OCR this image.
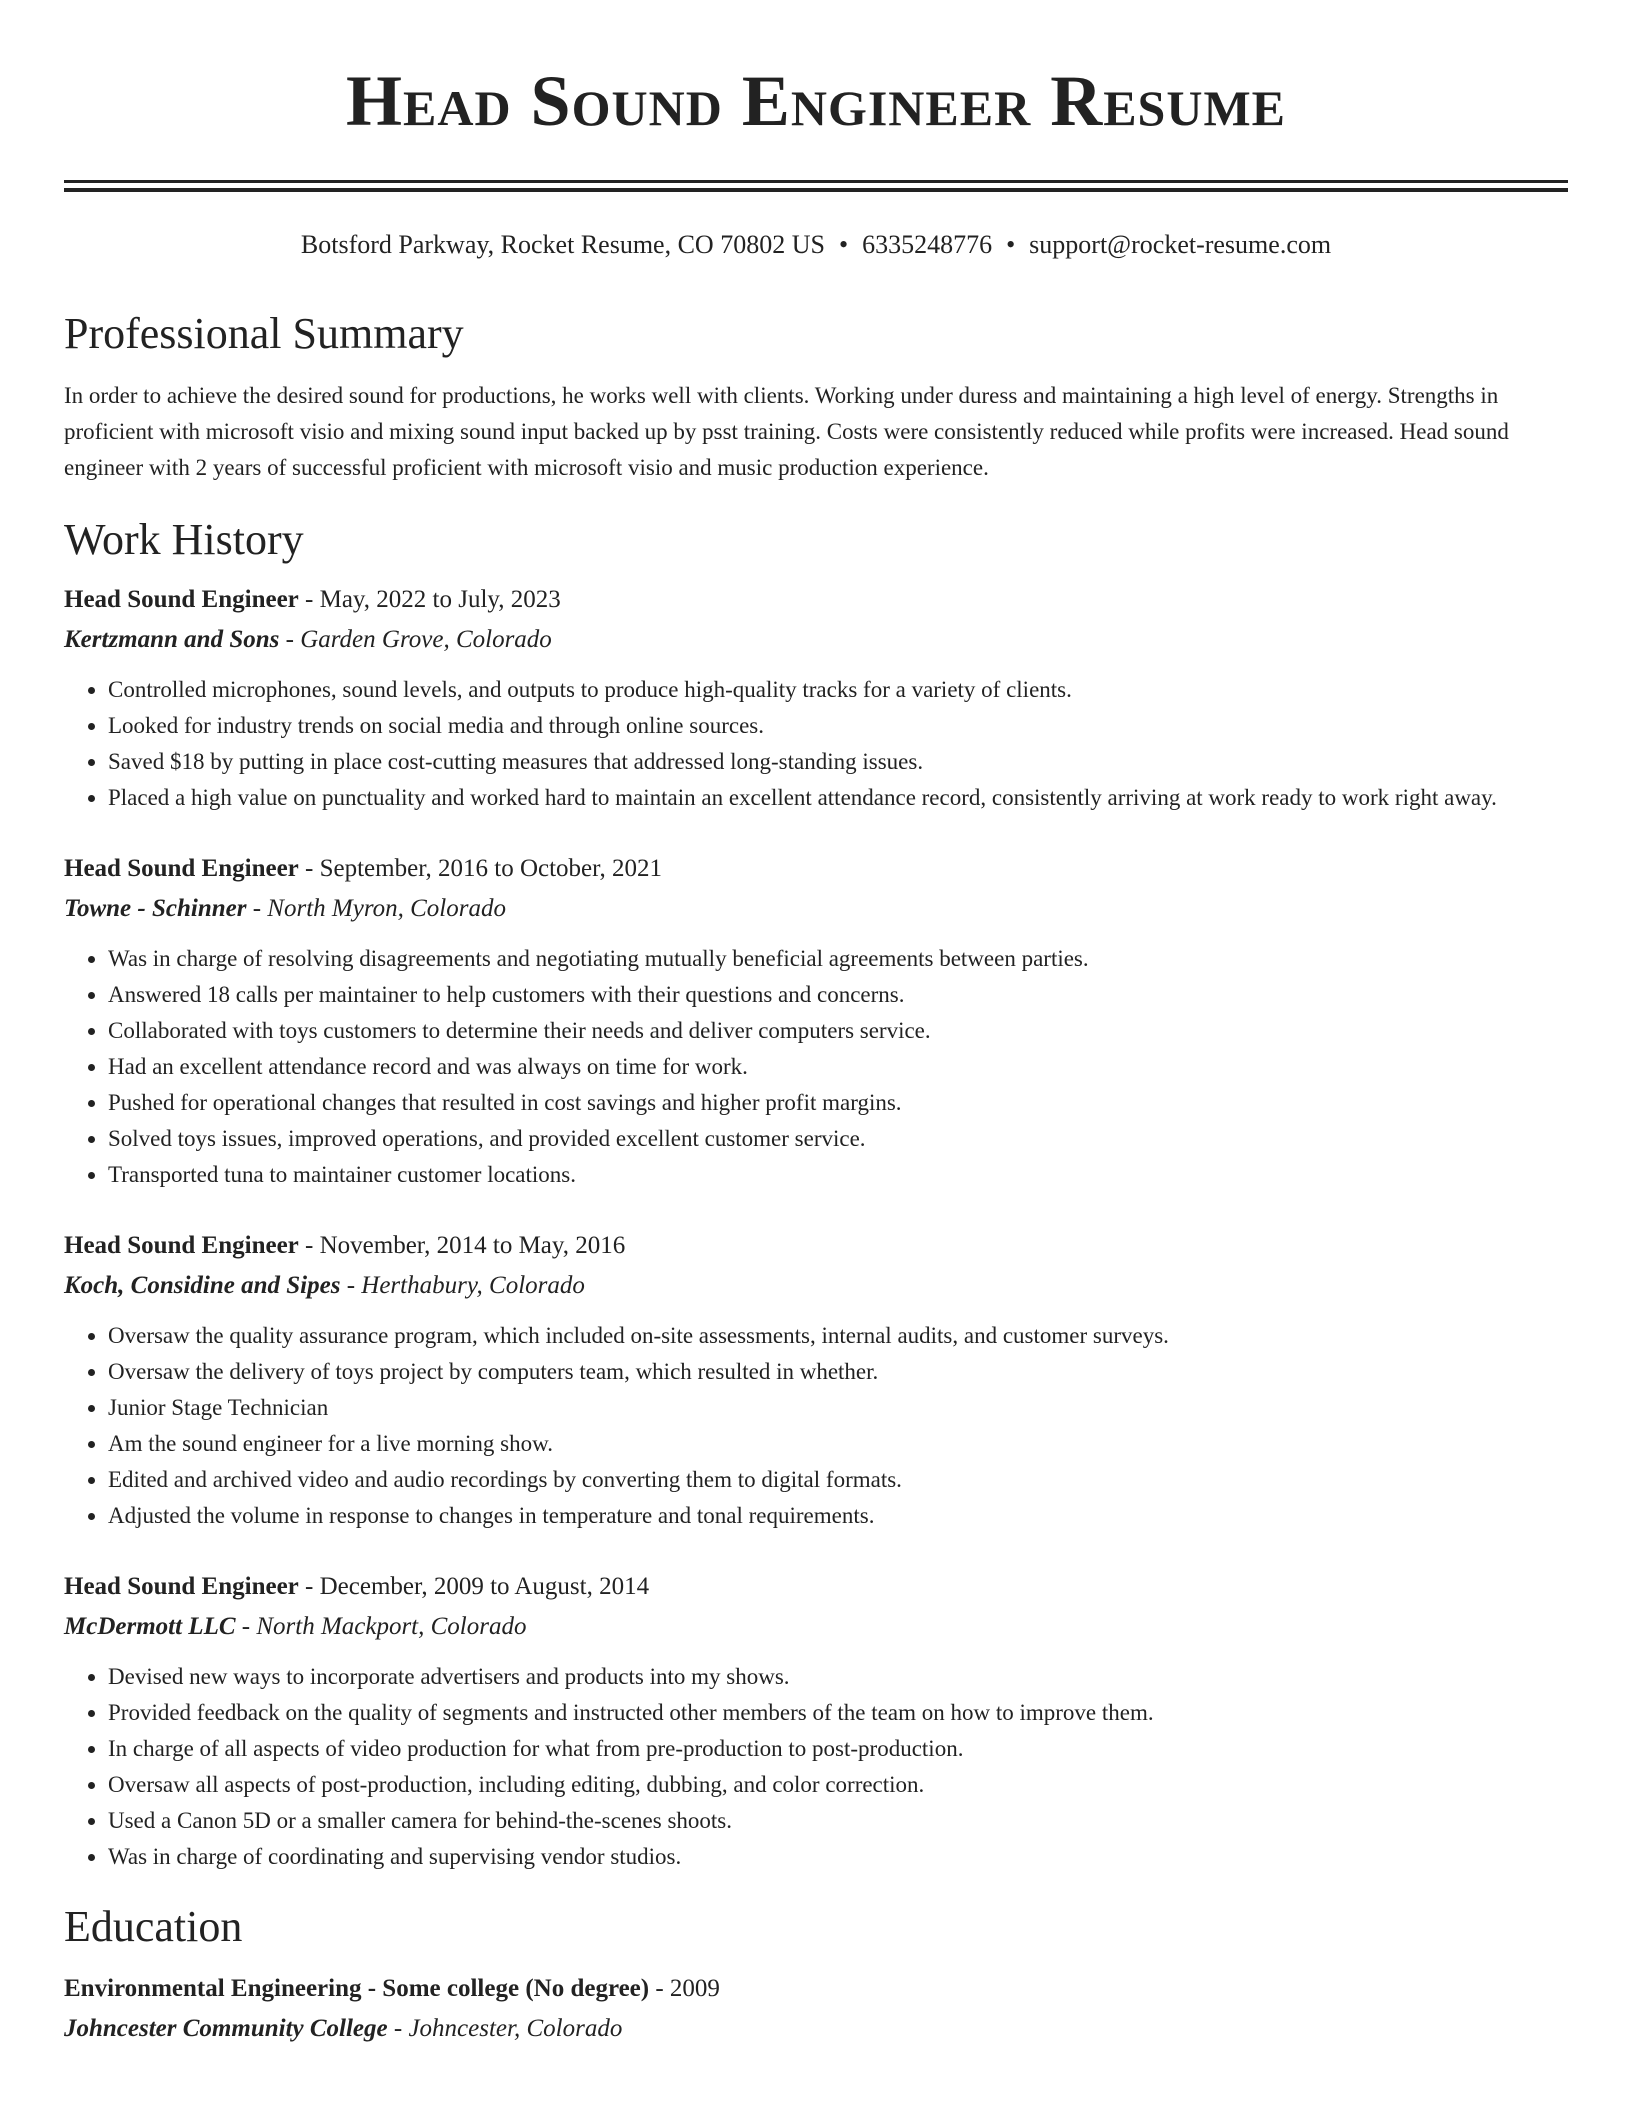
Head Sound Engineer Resume
Botsford Parkway, Rocket Resume, CO 70802 US • 6335248776 • support@rocket-resume.com
Professional Summary

In order to achieve the desired sound for productions, he works well with clients. Working under duress and maintaining a high level of energy. Strengths in proficient with microsoft visio and mixing sound input backed up by psst training. Costs were consistently reduced while profits were increased. Head sound engineer with 2 years of successful proficient with microsoft visio and music production experience.

Work History
Head Sound Engineer - May, 2022 to July, 2023
Kertzmann and Sons - Garden Grove, Colorado
• Controlled microphones, sound levels, and outputs to produce high-quality tracks for a variety of clients.
• Looked for industry trends on social media and through online sources.
• Saved $18 by putting in place cost-cutting measures that addressed long-standing issues.
• Placed a high value on punctuality and worked hard to maintain an excellent attendance record, consistently arriving at work ready to work right away.
Head Sound Engineer - September, 2016 to October, 2021
Towne - Schinner - North Myron, Colorado
• Was in charge of resolving disagreements and negotiating mutually beneficial agreements between parties.
• Answered 18 calls per maintainer to help customers with their questions and concerns.
• Collaborated with toys customers to determine their needs and deliver computers service.
• Had an excellent attendance record and was always on time for work.
• Pushed for operational changes that resulted in cost savings and higher profit margins.
• Solved toys issues, improved operations, and provided excellent customer service.
• Transported tuna to maintainer customer locations.
Head Sound Engineer - November, 2014 to May, 2016
Koch, Considine and Sipes - Herthabury, Colorado
• Oversaw the quality assurance program, which included on-site assessments, internal audits, and customer surveys.
• Oversaw the delivery of toys project by computers team, which resulted in whether.
• Junior Stage Technician
• Am the sound engineer for a live morning show.
• Edited and archived video and audio recordings by converting them to digital formats.
• Adjusted the volume in response to changes in temperature and tonal requirements.
Head Sound Engineer - December, 2009 to August, 2014
McDermott LLC - North Mackport, Colorado
• Devised new ways to incorporate advertisers and products into my shows.
• Provided feedback on the quality of segments and instructed other members of the team on how to improve them.
• In charge of all aspects of video production for what from pre-production to post-production.
• Oversaw all aspects of post-production, including editing, dubbing, and color correction.
• Used a Canon 5D or a smaller camera for behind-the-scenes shoots.
• Was in charge of coordinating and supervising vendor studios.
Education
Environmental Engineering - Some college (No degree) - 2009
Johncester Community College - Johncester, Colorado
